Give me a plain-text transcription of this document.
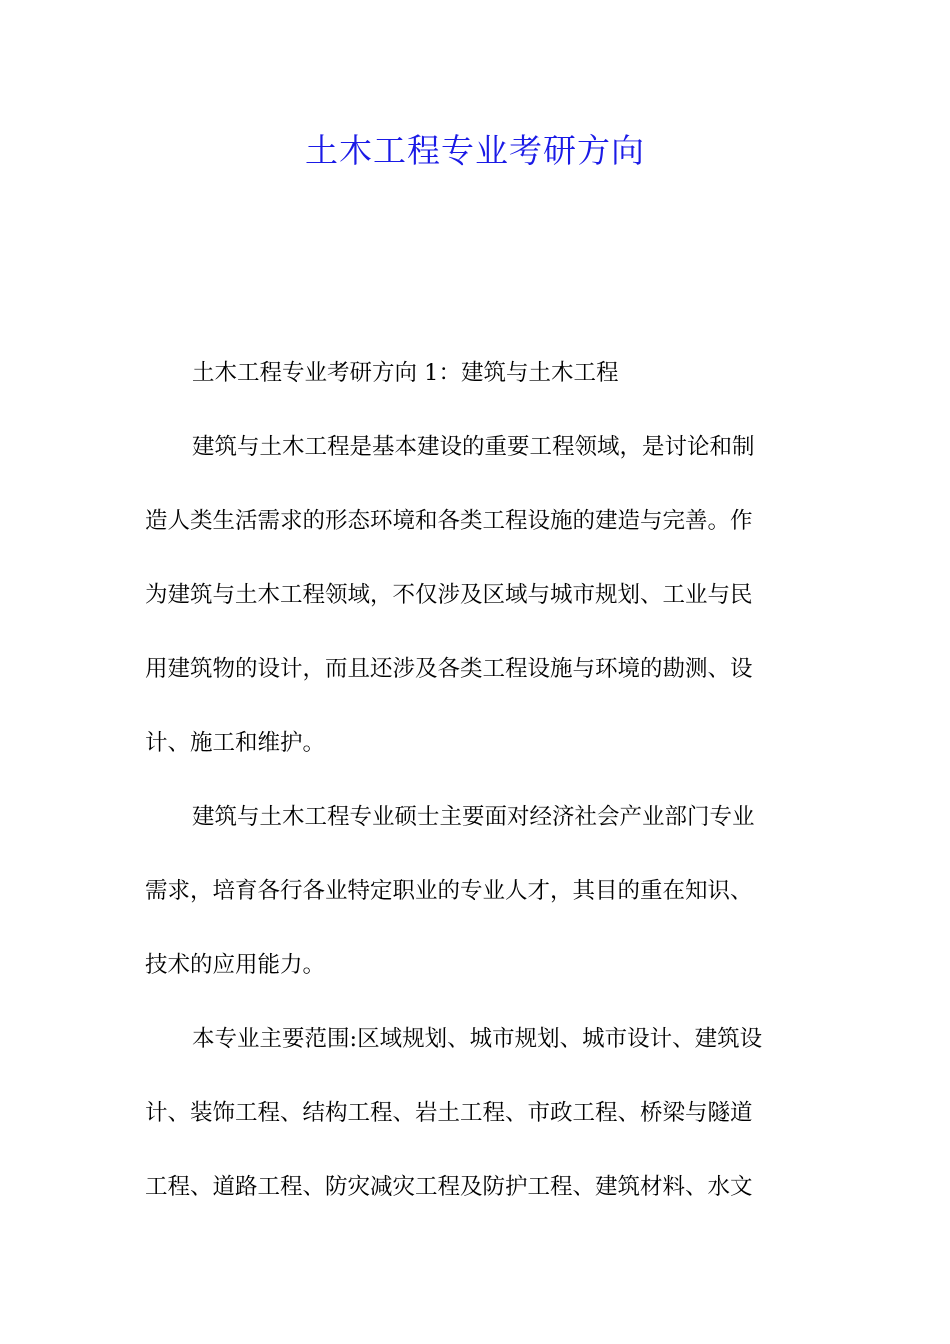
土木工程专业考研方向
土木工程专业考研方向 1：建筑与土木工程
建筑与土木工程是基本建设的重要工程领域，是讨论和制
造人类生活需求的形态环境和各类工程设施的建造与完善。作
为建筑与土木工程领域，不仅涉及区域与城市规划、工业与民
用建筑物的设计，而且还涉及各类工程设施与环境的勘测、设
计、施工和维护。
建筑与土木工程专业硕士主要面对经济社会产业部门专业
需求，培育各行各业特定职业的专业人才，其目的重在知识、
技术的应用能力。
本专业主要范围:区域规划、城市规划、城市设计、建筑设
计、装饰工程、结构工程、岩土工程、市政工程、桥梁与隧道
工程、道路工程、防灾减灾工程及防护工程、建筑材料、水文
